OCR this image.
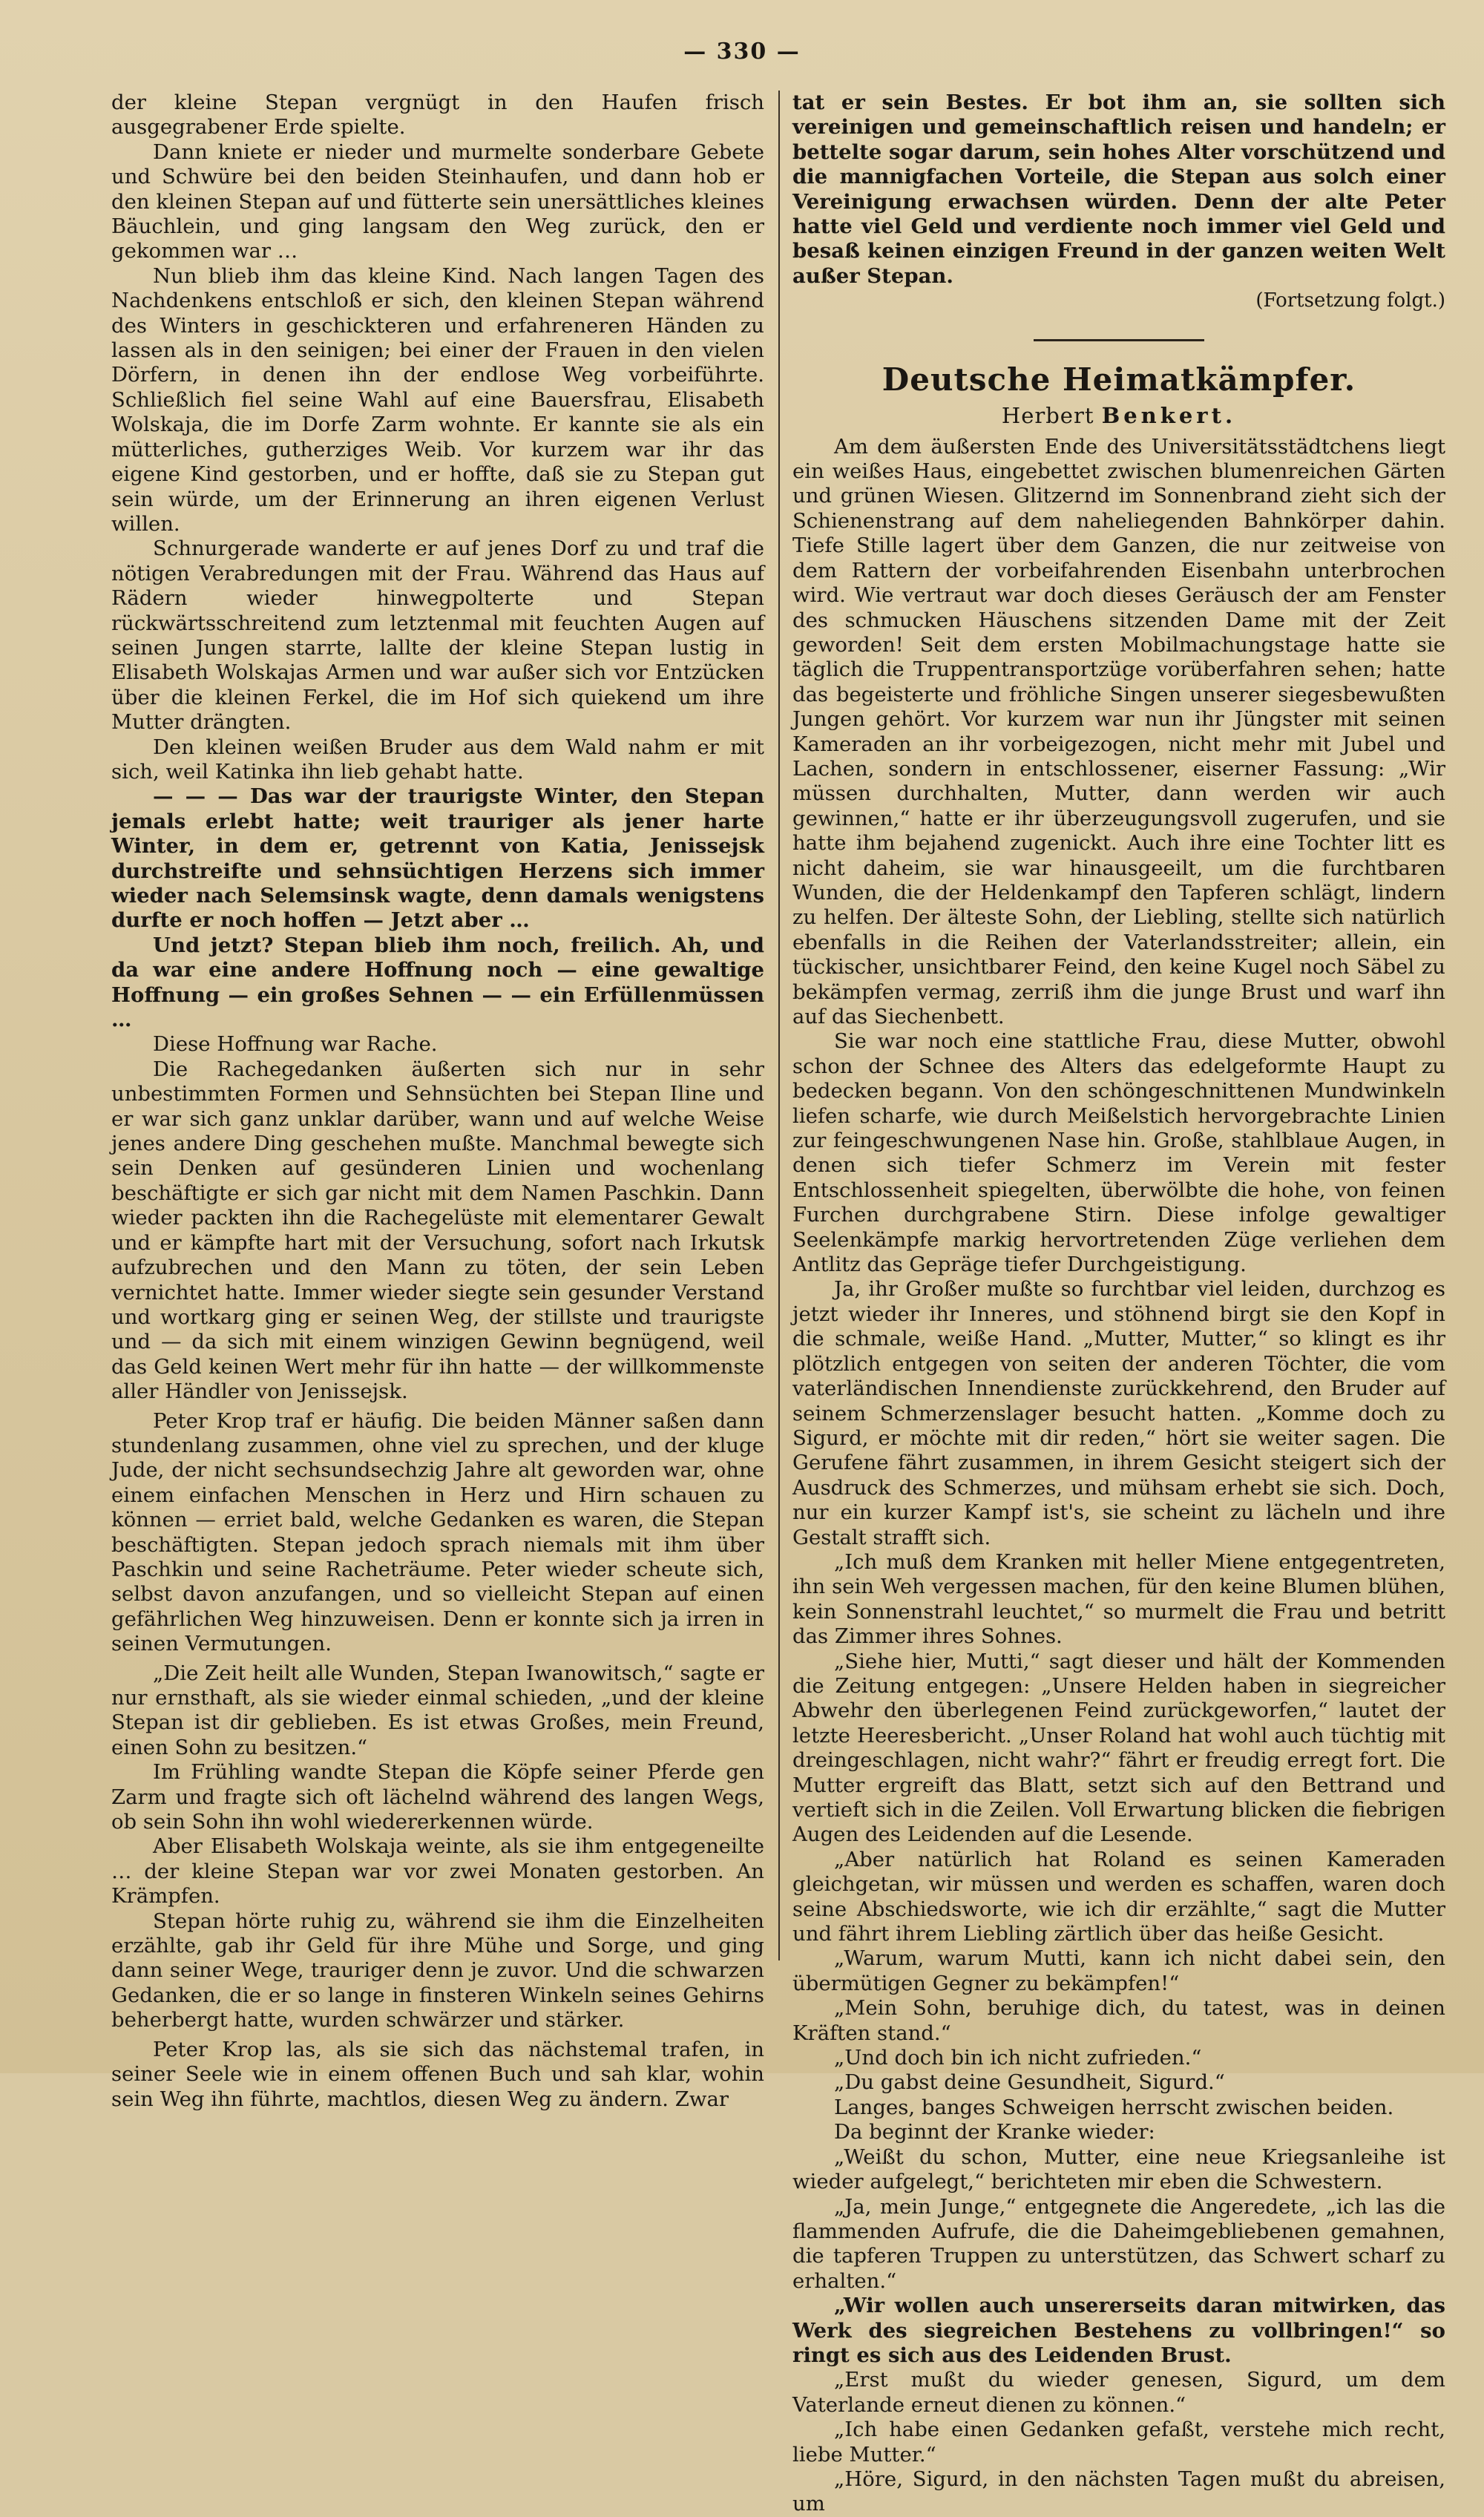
— 330 —

der kleine Stepan vergnügt in den Haufen frisch ausgegrabener Erde spielte.

Dann kniete er nieder und murmelte sonderbare Gebete und Schwüre bei den beiden Steinhaufen, und dann hob er den kleinen Stepan auf und fütterte sein unersättliches kleines Bäuchlein, und ging langsam den Weg zurück, den er gekommen war …

Nun blieb ihm das kleine Kind. Nach langen Tagen des Nachdenkens entschloß er sich, den kleinen Stepan während des Winters in geschickteren und erfahreneren Händen zu lassen als in den seinigen; bei einer der Frauen in den vielen Dörfern, in denen ihn der endlose Weg vorbeiführte. Schließlich fiel seine Wahl auf eine Bauersfrau, Elisabeth Wolskaja, die im Dorfe Zarm wohnte. Er kannte sie als ein mütterliches, gutherziges Weib. Vor kurzem war ihr das eigene Kind gestorben, und er hoffte, daß sie zu Stepan gut sein würde, um der Erinnerung an ihren eigenen Verlust willen.

Schnurgerade wanderte er auf jenes Dorf zu und traf die nötigen Verabredungen mit der Frau. Während das Haus auf Rädern wieder hinwegpolterte und Stepan rückwärtsschreitend zum letztenmal mit feuchten Augen auf seinen Jungen starrte, lallte der kleine Stepan lustig in Elisabeth Wolskajas Armen und war außer sich vor Entzücken über die kleinen Ferkel, die im Hof sich quiekend um ihre Mutter drängten.

Den kleinen weißen Bruder aus dem Wald nahm er mit sich, weil Katinka ihn lieb gehabt hatte.

— — — Das war der traurigste Winter, den Stepan jemals erlebt hatte; weit trauriger als jener harte Winter, in dem er, getrennt von Katia, Jenissejsk durchstreifte und sehnsüchtigen Herzens sich immer wieder nach Selemsinsk wagte, denn damals wenigstens durfte er noch hoffen — Jetzt aber …

Und jetzt? Stepan blieb ihm noch, freilich. Ah, und da war eine andere Hoffnung noch — eine gewaltige Hoffnung — ein großes Sehnen — — ein Erfüllenmüssen …

Diese Hoffnung war Rache.

Die Rachegedanken äußerten sich nur in sehr unbestimmten Formen und Sehnsüchten bei Stepan Iline und er war sich ganz unklar darüber, wann und auf welche Weise jenes andere Ding geschehen mußte. Manchmal bewegte sich sein Denken auf gesünderen Linien und wochenlang beschäftigte er sich gar nicht mit dem Namen Paschkin. Dann wieder packten ihn die Rachegelüste mit elementarer Gewalt und er kämpfte hart mit der Versuchung, sofort nach Irkutsk aufzubrechen und den Mann zu töten, der sein Leben vernichtet hatte. Immer wieder siegte sein gesunder Verstand und wortkarg ging er seinen Weg, der stillste und traurigste und — da sich mit einem winzigen Gewinn begnügend, weil das Geld keinen Wert mehr für ihn hatte — der willkommenste aller Händler von Jenissejsk.

Peter Krop traf er häufig. Die beiden Männer saßen dann stundenlang zusammen, ohne viel zu sprechen, und der kluge Jude, der nicht sechsundsechzig Jahre alt geworden war, ohne einem einfachen Menschen in Herz und Hirn schauen zu können — erriet bald, welche Gedanken es waren, die Stepan beschäftigten. Stepan jedoch sprach niemals mit ihm über Paschkin und seine Racheträume. Peter wieder scheute sich, selbst davon anzufangen, und so vielleicht Stepan auf einen gefährlichen Weg hinzuweisen. Denn er konnte sich ja irren in seinen Vermutungen.

„Die Zeit heilt alle Wunden, Stepan Iwanowitsch,“ sagte er nur ernsthaft, als sie wieder einmal schieden, „und der kleine Stepan ist dir geblieben. Es ist etwas Großes, mein Freund, einen Sohn zu besitzen.“

Im Frühling wandte Stepan die Köpfe seiner Pferde gen Zarm und fragte sich oft lächelnd während des langen Wegs, ob sein Sohn ihn wohl wiedererkennen würde.

Aber Elisabeth Wolskaja weinte, als sie ihm entgegeneilte … der kleine Stepan war vor zwei Monaten gestorben. An Krämpfen.

Stepan hörte ruhig zu, während sie ihm die Einzelheiten erzählte, gab ihr Geld für ihre Mühe und Sorge, und ging dann seiner Wege, trauriger denn je zuvor. Und die schwarzen Gedanken, die er so lange in finsteren Winkeln seines Gehirns beherbergt hatte, wurden schwärzer und stärker.

Peter Krop las, als sie sich das nächstemal trafen, in seiner Seele wie in einem offenen Buch und sah klar, wohin sein Weg ihn führte, machtlos, diesen Weg zu ändern. Zwar

tat er sein Bestes. Er bot ihm an, sie sollten sich vereinigen und gemeinschaftlich reisen und handeln; er bettelte sogar darum, sein hohes Alter vorschützend und die mannigfachen Vorteile, die Stepan aus solch einer Vereinigung erwachsen würden. Denn der alte Peter hatte viel Geld und verdiente noch immer viel Geld und besaß keinen einzigen Freund in der ganzen weiten Welt außer Stepan.

(Fortsetzung folgt.)

Deutsche Heimatkämpfer.
Herbert Benkert.

Am dem äußersten Ende des Universitätsstädtchens liegt ein weißes Haus, eingebettet zwischen blumenreichen Gärten und grünen Wiesen. Glitzernd im Sonnenbrand zieht sich der Schienenstrang auf dem naheliegenden Bahnkörper dahin. Tiefe Stille lagert über dem Ganzen, die nur zeitweise von dem Rattern der vorbeifahrenden Eisenbahn unterbrochen wird. Wie vertraut war doch dieses Geräusch der am Fenster des schmucken Häuschens sitzenden Dame mit der Zeit geworden! Seit dem ersten Mobilmachungstage hatte sie täglich die Truppentransportzüge vorüberfahren sehen; hatte das begeisterte und fröhliche Singen unserer siegesbewußten Jungen gehört. Vor kurzem war nun ihr Jüngster mit seinen Kameraden an ihr vorbeigezogen, nicht mehr mit Jubel und Lachen, sondern in entschlossener, eiserner Fassung: „Wir müssen durchhalten, Mutter, dann werden wir auch gewinnen,“ hatte er ihr überzeugungsvoll zugerufen, und sie hatte ihm bejahend zugenickt. Auch ihre eine Tochter litt es nicht daheim, sie war hinausgeeilt, um die furchtbaren Wunden, die der Heldenkampf den Tapferen schlägt, lindern zu helfen. Der älteste Sohn, der Liebling, stellte sich natürlich ebenfalls in die Reihen der Vaterlandsstreiter; allein, ein tückischer, unsichtbarer Feind, den keine Kugel noch Säbel zu bekämpfen vermag, zerriß ihm die junge Brust und warf ihn auf das Siechenbett.

Sie war noch eine stattliche Frau, diese Mutter, obwohl schon der Schnee des Alters das edelgeformte Haupt zu bedecken begann. Von den schöngeschnittenen Mundwinkeln liefen scharfe, wie durch Meißelstich hervorgebrachte Linien zur feingeschwungenen Nase hin. Große, stahlblaue Augen, in denen sich tiefer Schmerz im Verein mit fester Entschlossenheit spiegelten, überwölbte die hohe, von feinen Furchen durchgrabene Stirn. Diese infolge gewaltiger Seelenkämpfe markig hervortretenden Züge verliehen dem Antlitz das Gepräge tiefer Durchgeistigung.

Ja, ihr Großer mußte so furchtbar viel leiden, durchzog es jetzt wieder ihr Inneres, und stöhnend birgt sie den Kopf in die schmale, weiße Hand. „Mutter, Mutter,“ so klingt es ihr plötzlich entgegen von seiten der anderen Töchter, die vom vaterländischen Innendienste zurückkehrend, den Bruder auf seinem Schmerzenslager besucht hatten. „Komme doch zu Sigurd, er möchte mit dir reden,“ hört sie weiter sagen. Die Gerufene fährt zusammen, in ihrem Gesicht steigert sich der Ausdruck des Schmerzes, und mühsam erhebt sie sich. Doch, nur ein kurzer Kampf ist's, sie scheint zu lächeln und ihre Gestalt strafft sich.

„Ich muß dem Kranken mit heller Miene entgegentreten, ihn sein Weh vergessen machen, für den keine Blumen blühen, kein Sonnenstrahl leuchtet,“ so murmelt die Frau und betritt das Zimmer ihres Sohnes.

„Siehe hier, Mutti,“ sagt dieser und hält der Kommenden die Zeitung entgegen: „Unsere Helden haben in siegreicher Abwehr den überlegenen Feind zurückgeworfen,“ lautet der letzte Heeresbericht. „Unser Roland hat wohl auch tüchtig mit dreingeschlagen, nicht wahr?“ fährt er freudig erregt fort. Die Mutter ergreift das Blatt, setzt sich auf den Bettrand und vertieft sich in die Zeilen. Voll Erwartung blicken die fiebrigen Augen des Leidenden auf die Lesende.

„Aber natürlich hat Roland es seinen Kameraden gleichgetan, wir müssen und werden es schaffen, waren doch seine Abschiedsworte, wie ich dir erzählte,“ sagt die Mutter und fährt ihrem Liebling zärtlich über das heiße Gesicht.

„Warum, warum Mutti, kann ich nicht dabei sein, den übermütigen Gegner zu bekämpfen!“

„Mein Sohn, beruhige dich, du tatest, was in deinen Kräften stand.“

„Und doch bin ich nicht zufrieden.“

„Du gabst deine Gesundheit, Sigurd.“

Langes, banges Schweigen herrscht zwischen beiden.

Da beginnt der Kranke wieder:

„Weißt du schon, Mutter, eine neue Kriegsanleihe ist wieder aufgelegt,“ berichteten mir eben die Schwestern.

„Ja, mein Junge,“ entgegnete die Angeredete, „ich las die flammenden Aufrufe, die die Daheimgebliebenen gemahnen, die tapferen Truppen zu unterstützen, das Schwert scharf zu erhalten.“

„Wir wollen auch unsererseits daran mitwirken, das Werk des siegreichen Bestehens zu vollbringen!“ so ringt es sich aus des Leidenden Brust.

„Erst mußt du wieder genesen, Sigurd, um dem Vaterlande erneut dienen zu können.“

„Ich habe einen Gedanken gefaßt, verstehe mich recht, liebe Mutter.“

„Höre, Sigurd, in den nächsten Tagen mußt du abreisen, um
